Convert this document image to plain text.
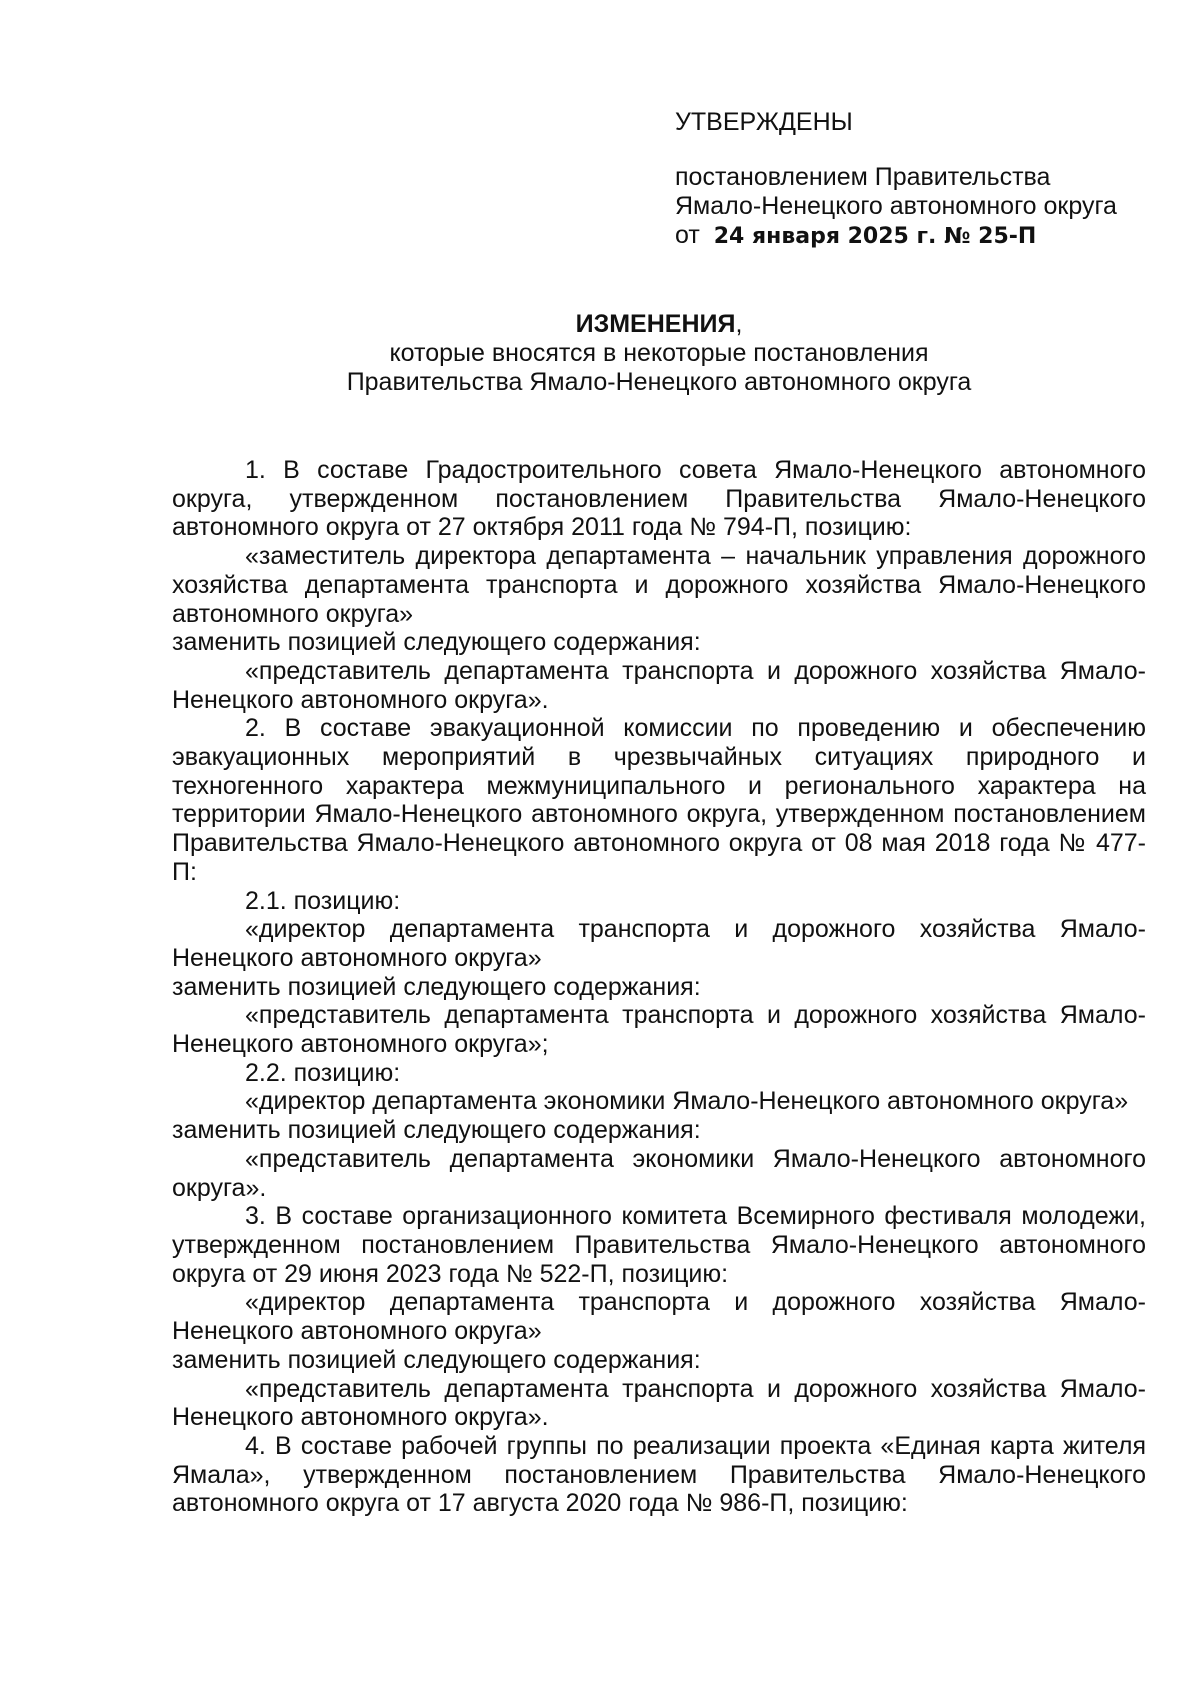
УТВЕРЖДЕНЫ
постановлением Правительства
Ямало-Ненецкого автономного округа
от 24 января 2025 г. № 25-П
ИЗМЕНЕНИЯ,
которые вносятся в некоторые постановления
Правительства Ямало-Ненецкого автономного округа

1. В составе Градостроительного совета Ямало-Ненецкого автономного округа, утвержденном постановлением Правительства Ямало-Ненецкого автономного округа от 27 октября 2011 года № 794-П, позицию:

«заместитель директора департамента – начальник управления дорожного хозяйства департамента транспорта и дорожного хозяйства Ямало-Ненецкого автономного округа»

заменить позицией следующего содержания:

«представитель департамента транспорта и дорожного хозяйства Ямало-Ненецкого автономного округа».

2. В составе эвакуационной комиссии по проведению и обеспечению эвакуационных мероприятий в чрезвычайных ситуациях природного и техногенного характера межмуниципального и регионального характера на территории Ямало-Ненецкого автономного округа, утвержденном постановлением Правительства Ямало-Ненецкого автономного округа от 08 мая 2018 года № 477-П:

2.1. позицию:

«директор департамента транспорта и дорожного хозяйства Ямало-Ненецкого автономного округа»

заменить позицией следующего содержания:

«представитель департамента транспорта и дорожного хозяйства Ямало-Ненецкого автономного округа»;

2.2. позицию:

«директор департамента экономики Ямало-Ненецкого автономного округа»

заменить позицией следующего содержания:

«представитель департамента экономики Ямало-Ненецкого автономного округа».

3. В составе организационного комитета Всемирного фестиваля молодежи, утвержденном постановлением Правительства Ямало-Ненецкого автономного округа от 29 июня 2023 года № 522-П, позицию:

«директор департамента транспорта и дорожного хозяйства Ямало-Ненецкого автономного округа»

заменить позицией следующего содержания:

«представитель департамента транспорта и дорожного хозяйства Ямало-Ненецкого автономного округа».

4. В составе рабочей группы по реализации проекта «Единая карта жителя Ямала», утвержденном постановлением Правительства Ямало-Ненецкого автономного округа от 17 августа 2020 года № 986-П, позицию:
